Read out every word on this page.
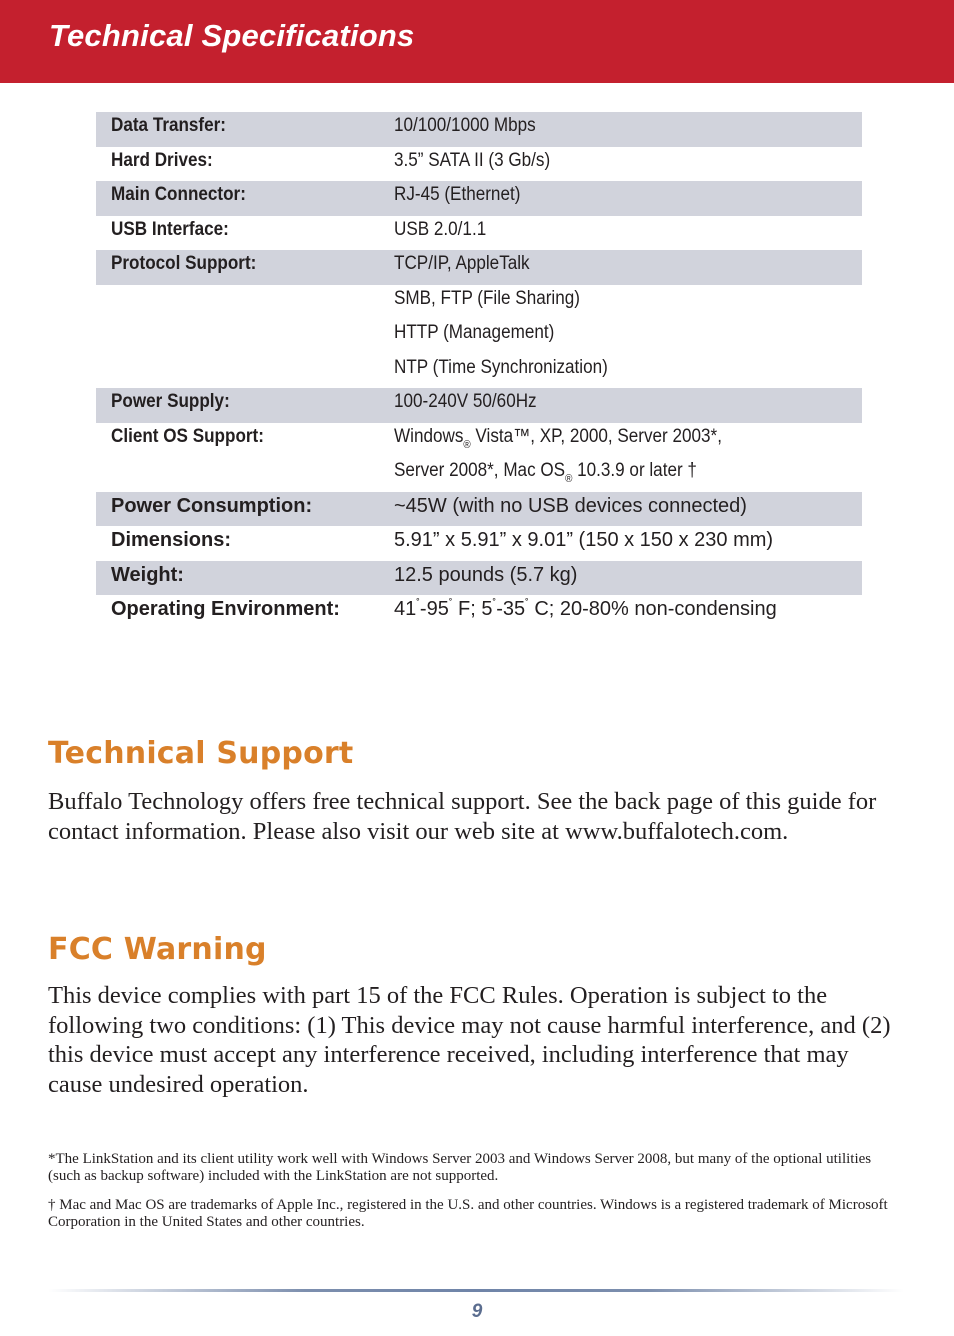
Technical Specifications
Data Transfer:	10/100/1000 Mbps
Hard Drives:	3.5” SATA II (3 Gb/s)
Main Connector:	RJ-45 (Ethernet)
USB Interface:	USB 2.0/1.1
Protocol Support:	TCP/IP, AppleTalk
SMB, FTP (File Sharing)
HTTP (Management)
NTP (Time Synchronization)
Power Supply:	100-240V 50/60Hz
Client OS Support:	Windows$_®$ Vista™, XP, 2000, Server 2003*,
Server 2008*, Mac $OS_®$ 10.3.9 or later †
Power Consumption:	~45W (with no USB devices connected)
Dimensions:	5.91” x 5.91” x 9.01” (150 x 150 x 230 mm)
Weight:	12.5 pounds (5.7 kg)
Operating Environment:	41˚-95˚ F; 5˚-35˚ C; 20-80% non-condensing
Technical Support

Buffalo Technology offers free technical support. See the back page of this guide for contact information. Please also visit our web site at www.buffalotech.com.

FCC Warning

This device complies with part 15 of the FCC Rules. Operation is subject to the following two conditions: (1) This device may not cause harmful interference, and (2) this device must accept any interference received, including interference that may cause undesired operation.

*The LinkStation and its client utility work well with Windows Server 2003 and Windows Server 2008, but many of the optional utilities (such as backup software) included with the LinkStation are not supported.

† Mac and Mac OS are trademarks of Apple Inc., registered in the U.S. and other countries. Windows is a registered trademark of Microsoft Corporation in the United States and other countries.

9
